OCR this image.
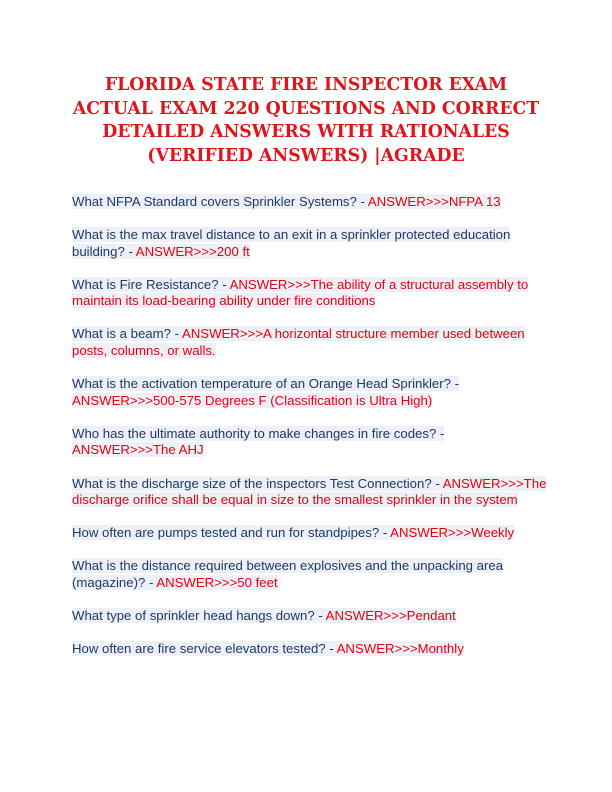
FLORIDA STATE FIRE INSPECTOR EXAM ACTUAL EXAM 220 QUESTIONS AND CORRECT DETAILED ANSWERS WITH RATIONALES (VERIFIED ANSWERS) |AGRADE

What NFPA Standard covers Sprinkler Systems? - ANSWER>>>NFPA 13

What is the max travel distance to an exit in a sprinkler protected education building? - ANSWER>>>200 ft

What is Fire Resistance? - ANSWER>>>The ability of a structural assembly to maintain its load-bearing ability under fire conditions

What is a beam? - ANSWER>>>A horizontal structure member used between posts, columns, or walls.

What is the activation temperature of an Orange Head Sprinkler? - ANSWER>>>500-575 Degrees F (Classification is Ultra High)

Who has the ultimate authority to make changes in fire codes? - ANSWER>>>The AHJ

What is the discharge size of the inspectors Test Connection? - ANSWER>>>The discharge orifice shall be equal in size to the smallest sprinkler in the system

How often are pumps tested and run for standpipes? - ANSWER>>>Weekly

What is the distance required between explosives and the unpacking area (magazine)? - ANSWER>>>50 feet

What type of sprinkler head hangs down? - ANSWER>>>Pendant

How often are fire service elevators tested? - ANSWER>>>Monthly
